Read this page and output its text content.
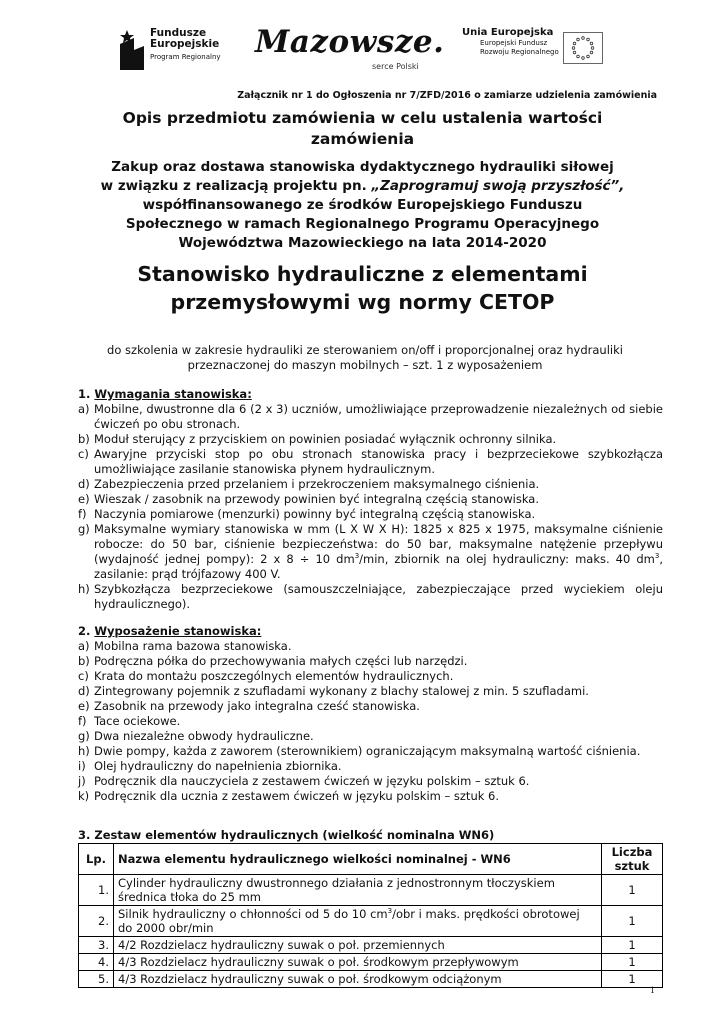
Fundusze
Europejskie
Program Regionalny Mazowsze.
serce Polski
Unia Europejska
Europejski Fundusz
Rozwoju Regionalnego
Załącznik nr 1 do Ogłoszenia nr 7/ZFD/2016 o zamiarze udzielenia zamówienia
Opis przedmiotu zamówienia w celu ustalenia wartości
zamówienia
Zakup oraz dostawa stanowiska dydaktycznego hydrauliki siłowej
w związku z realizacją projektu pn. „Zaprogramuj swoją przyszłość”,
współfinansowanego ze środków Europejskiego Funduszu
Społecznego w ramach Regionalnego Programu Operacyjnego
Województwa Mazowieckiego na lata 2014-2020
Stanowisko hydrauliczne z elementami
przemysłowymi wg normy CETOP
do szkolenia w zakresie hydrauliki ze sterowaniem on/off i proporcjonalnej oraz hydrauliki
przeznaczonej do maszyn mobilnych – szt. 1 z wyposażeniem
1. Wymagania stanowiska:
a) Mobilne, dwustronne dla 6 (2 x 3) uczniów, umożliwiające przeprowadzenie niezależnych od siebie ćwiczeń po obu stronach.
b) Moduł sterujący z przyciskiem on powinien posiadać wyłącznik ochronny silnika.
c) Awaryjne przyciski stop po obu stronach stanowiska pracy i bezprzeciekowe szybkozłącza umożliwiające zasilanie stanowiska płynem hydraulicznym.
d) Zabezpieczenia przed przelaniem i przekroczeniem maksymalnego ciśnienia.
e) Wieszak / zasobnik na przewody powinien być integralną częścią stanowiska.
f) Naczynia pomiarowe (menzurki) powinny być integralną częścią stanowiska.
g) Maksymalne wymiary stanowiska w mm (L X W X H): 1825 x 825 x 1975, maksymalne ciśnienie robocze: do 50 bar, ciśnienie bezpieczeństwa: do 50 bar, maksymalne natężenie przepływu (wydajność jednej pompy): 2 x 8 ÷ 10 $dm^3/\min$, zbiornik na olej hydrauliczny: maks. 40 $dm^3$, zasilanie: prąd trójfazowy 400 V.
h) Szybkozłącza bezprzeciekowe (samouszczelniające, zabezpieczające przed wyciekiem oleju hydraulicznego).
2. Wyposażenie stanowiska:
a) Mobilna rama bazowa stanowiska.
b) Podręczna półka do przechowywania małych części lub narzędzi.
c) Krata do montażu poszczególnych elementów hydraulicznych.
d) Zintegrowany pojemnik z szufladami wykonany z blachy stalowej z min. 5 szufladami.
e) Zasobnik na przewody jako integralna cześć stanowiska.
f) Tace ociekowe.
g) Dwa niezależne obwody hydrauliczne.
h) Dwie pompy, każda z zaworem (sterownikiem) ograniczającym maksymalną wartość ciśnienia.
i) Olej hydrauliczny do napełnienia zbiornika.
j) Podręcznik dla nauczyciela z zestawem ćwiczeń w języku polskim – sztuk 6.
k) Podręcznik dla ucznia z zestawem ćwiczeń w języku polskim – sztuk 6.
3. Zestaw elementów hydraulicznych (wielkość nominalna WN6)
Lp.	Nazwa elementu hydraulicznego wielkości nominalnej - WN6	Liczba sztuk
1.	Cylinder hydrauliczny dwustronnego działania z jednostronnym tłoczyskiem średnica tłoka do 25 mm	1
2.	Silnik hydrauliczny o chłonności od 5 do 10 $cm^3$/obr i maks. prędkości obrotowej do 2000 obr/min	1
3.	4/2 Rozdzielacz hydrauliczny suwak o poł. przemiennych	1
4.	4/3 Rozdzielacz hydrauliczny suwak o poł. środkowym przepływowym	1
5.	4/3 Rozdzielacz hydrauliczny suwak o poł. środkowym odciążonym	1
1
